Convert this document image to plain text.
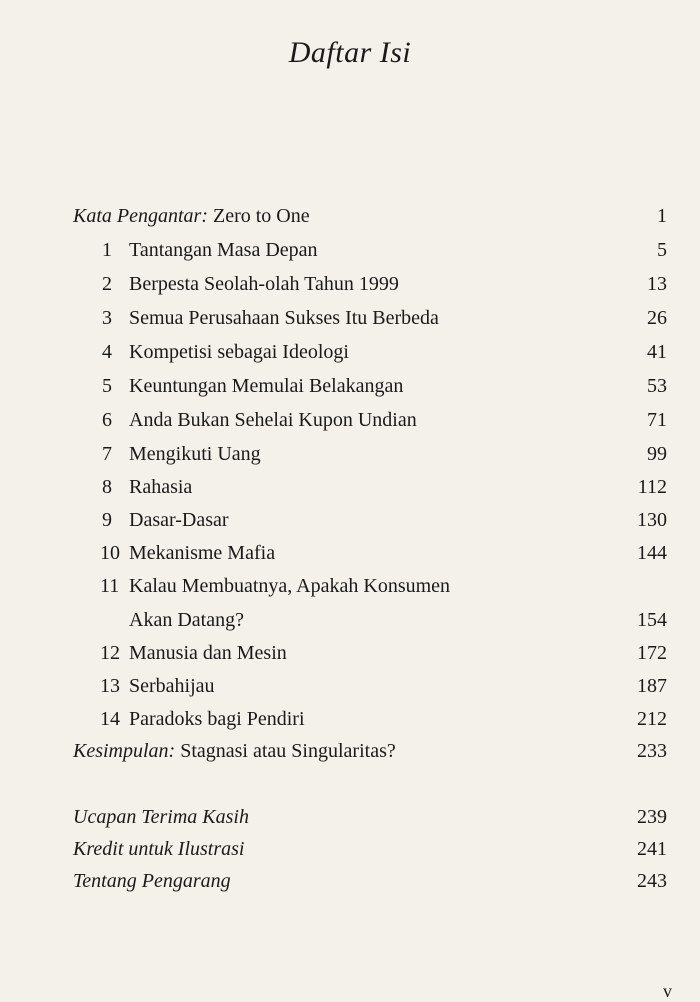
Daftar Isi
Kata Pengantar: Zero to One	1
1 Tantangan Masa Depan	5
2 Berpesta Seolah-olah Tahun 1999	13
3 Semua Perusahaan Sukses Itu Berbeda	26
4 Kompetisi sebagai Ideologi	41
5 Keuntungan Memulai Belakangan	53
6 Anda Bukan Sehelai Kupon Undian	71
7 Mengikuti Uang	99
8 Rahasia	112
9 Dasar-Dasar	130
10 Mekanisme Mafia	144
11 Kalau Membuatnya, Apakah Konsumen
Akan Datang?	154
12 Manusia dan Mesin	172
13 Serbahijau	187
14 Paradoks bagi Pendiri	212
Kesimpulan: Stagnasi atau Singularitas?	233
Ucapan Terima Kasih	239
Kredit untuk Ilustrasi	241
Tentang Pengarang	243
v
